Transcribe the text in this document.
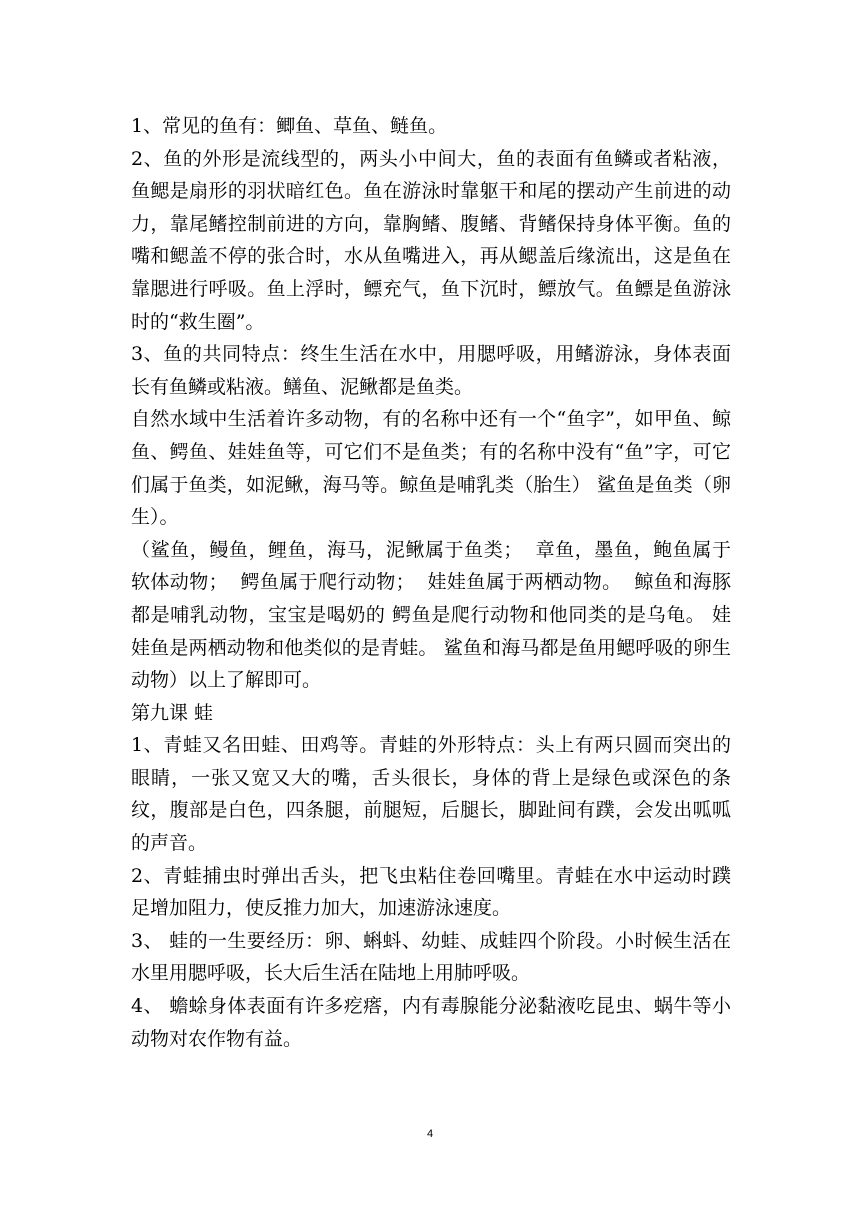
1、常见的鱼有：鲫鱼、草鱼、鲢鱼。

2、鱼的外形是流线型的，两头小中间大，鱼的表面有鱼鳞或者粘液，鱼鳃是扇形的羽状暗红色。鱼在游泳时靠躯干和尾的摆动产生前进的动力，靠尾鳍控制前进的方向，靠胸鳍、腹鳍、背鳍保持身体平衡。鱼的嘴和鳃盖不停的张合时，水从鱼嘴进入，再从鳃盖后缘流出，这是鱼在靠腮进行呼吸。鱼上浮时，鳔充气，鱼下沉时，鳔放气。鱼鳔是鱼游泳时的“救生圈”。

3、鱼的共同特点：终生生活在水中，用腮呼吸，用鳍游泳，身体表面长有鱼鳞或粘液。鳝鱼、泥鳅都是鱼类。

自然水域中生活着许多动物，有的名称中还有一个“鱼字”，如甲鱼、鲸鱼、鳄鱼、娃娃鱼等，可它们不是鱼类；有的名称中没有“鱼”字，可它们属于鱼类，如泥鳅，海马等。鲸鱼是哺乳类（胎生） 鲨鱼是鱼类（卵生）。

（鲨鱼，鳗鱼，鲤鱼，海马，泥鳅属于鱼类；  章鱼，墨鱼，鲍鱼属于软体动物；  鳄鱼属于爬行动物；  娃娃鱼属于两栖动物。  鲸鱼和海豚都是哺乳动物，宝宝是喝奶的 鳄鱼是爬行动物和他同类的是乌龟。 娃娃鱼是两栖动物和他类似的是青蛙。 鲨鱼和海马都是鱼用鳃呼吸的卵生动物）以上了解即可。

第九课 蛙

1、青蛙又名田蛙、田鸡等。青蛙的外形特点：头上有两只圆而突出的眼睛，一张又宽又大的嘴，舌头很长，身体的背上是绿色或深色的条纹，腹部是白色，四条腿，前腿短，后腿长，脚趾间有蹼，会发出呱呱的声音。

2、青蛙捕虫时弹出舌头，把飞虫粘住卷回嘴里。青蛙在水中运动时蹼足增加阻力，使反推力加大，加速游泳速度。

3、 蛙的一生要经历：卵、蝌蚪、幼蛙、成蛙四个阶段。小时候生活在水里用腮呼吸，长大后生活在陆地上用肺呼吸。

4、 蟾蜍身体表面有许多疙瘩，内有毒腺能分泌黏液吃昆虫、蜗牛等小动物对农作物有益。

4
